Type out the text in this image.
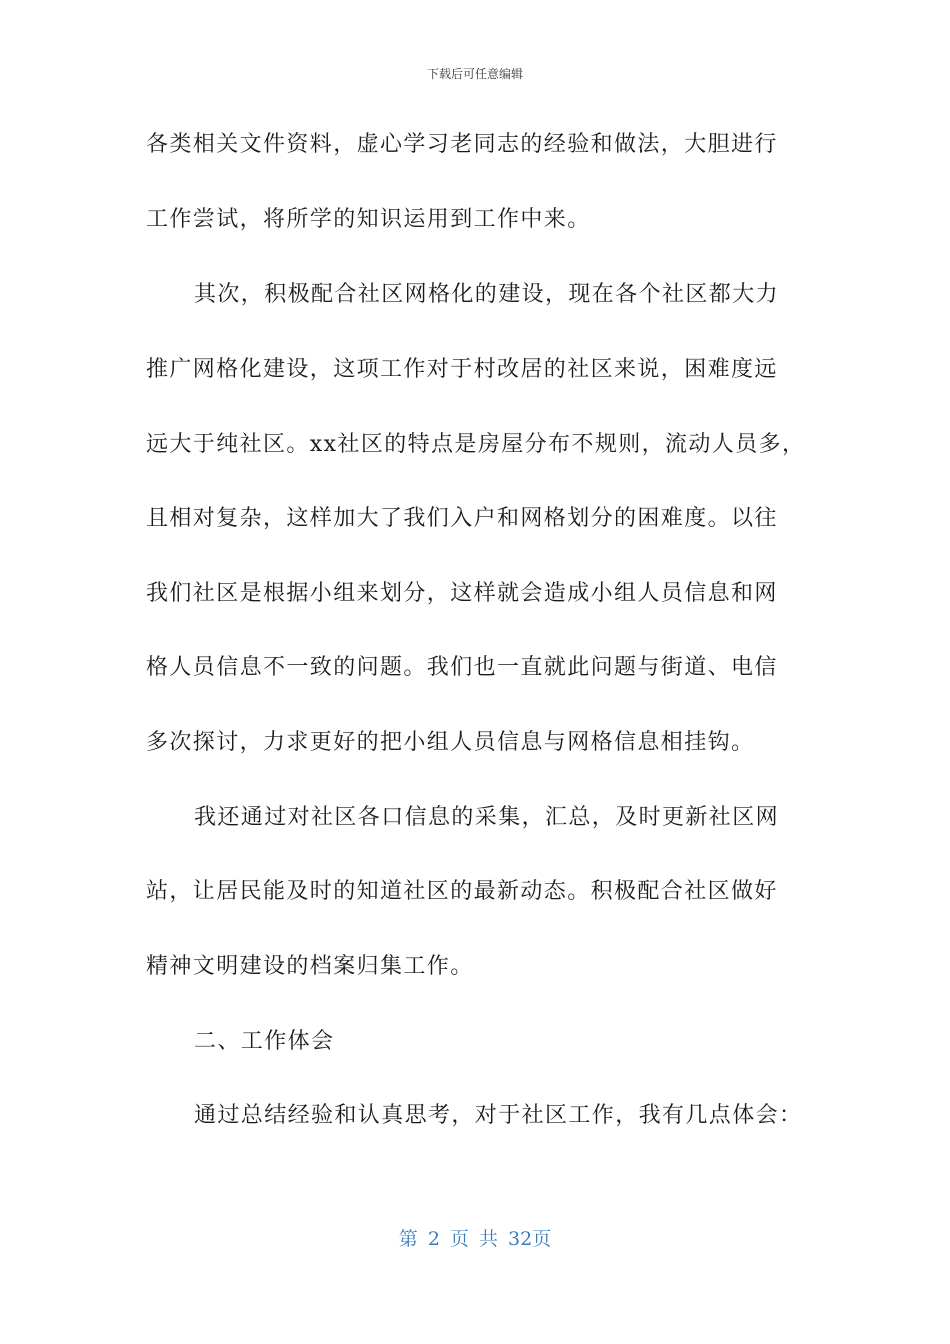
下载后可任意编辑
各类相关文件资料，虚心学习老同志的经验和做法，大胆进行
工作尝试，将所学的知识运用到工作中来。
其次，积极配合社区网格化的建设，现在各个社区都大力
推广网格化建设，这项工作对于村改居的社区来说，困难度远
远大于纯社区。xx社区的特点是房屋分布不规则，流动人员多，
且相对复杂，这样加大了我们入户和网格划分的困难度。以往
我们社区是根据小组来划分，这样就会造成小组人员信息和网
格人员信息不一致的问题。我们也一直就此问题与街道、电信
多次探讨，力求更好的把小组人员信息与网格信息相挂钩。
我还通过对社区各口信息的采集，汇总，及时更新社区网
站，让居民能及时的知道社区的最新动态。积极配合社区做好
精神文明建设的档案归集工作。
二、工作体会
通过总结经验和认真思考，对于社区工作，我有几点体会：
第 2 页 共 32页
